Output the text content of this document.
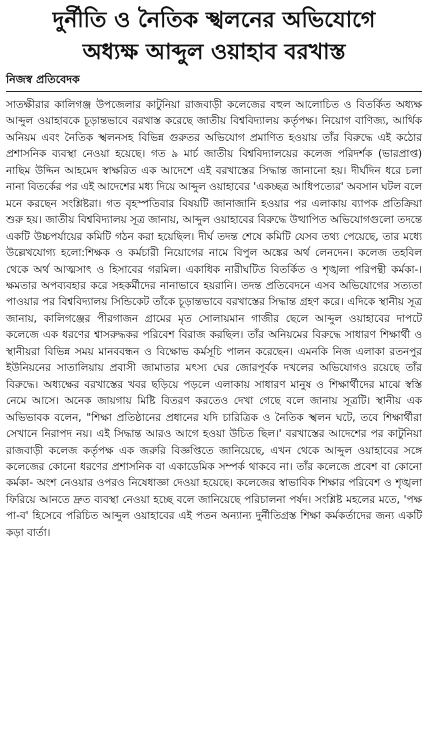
দুর্নীতি ও নৈতিক স্খলনের অভিযোগে
অধ্যক্ষ আব্দুল ওয়াহাব বরখাস্ত

নিজস্ব প্রতিবেদক

সাতক্ষীরার কালিগঞ্জ উপজেলার কাটুনিয়া রাজবাড়ী কলেজের বহুল আলোচিত ও বিতর্কিত অধ্যক্ষ আব্দুল ওয়াহাবকে চূড়ান্তভাবে বরখাস্ত করেছে জাতীয় বিশ্ববিদ্যালয় কর্তৃপক্ষ। নিয়োগ বাণিজ্য, আর্থিক অনিয়ম এবং নৈতিক স্খলনসহ বিভিন্ন গুরুতর অভিযোগ প্রমাণিত হওয়ায় তাঁর বিরুদ্ধে এই কঠোর প্রশাসনিক ব্যবস্থা নেওয়া হয়েছে। গত ৯ মার্চ জাতীয় বিশ্ববিদ্যালয়ের কলেজ পরিদর্শক (ভারপ্রাপ্ত) নাছিম উদ্দিন আহমেদ স্বাক্ষরিত এক আদেশে এই বরখাস্তের সিদ্ধান্ত জানানো হয়। দীর্ঘদিন ধরে চলা নানা বিতর্কের পর এই আদেশের মধ্য দিয়ে আব্দুল ওয়াহাবের 'একচ্ছত্র আধিপত্যের' অবসান ঘটল বলে মনে করছেন সংশ্লিষ্টরা। গত বৃহস্পতিবার বিষয়টি জানাজানি হওয়ার পর এলাকায় ব্যাপক প্রতিক্রিয়া শুরু হয়। জাতীয় বিশ্ববিদ্যালয় সূত্র জানায়, আব্দুল ওয়াহাবের বিরুদ্ধে উত্থাপিত অভিযোগগুলো তদন্তে একটি উচ্চপর্যায়ের কমিটি গঠন করা হয়েছিল। দীর্ঘ তদন্ত শেষে কমিটি যেসব তথ্য পেয়েছে, তার মধ্যে উল্লেখযোগ্য হলো:শিক্ষক ও কর্মচারী নিয়োগের নামে বিপুল অঙ্কের অর্থ লেনদেন। কলেজ তহবিল থেকে অর্থ আত্মসাৎ ও হিসাবের গরমিল। একাধিক নারীঘটিত বিতর্কিত ও শৃঙ্খলা পরিপন্থী কর্মকা-। ক্ষমতার অপব্যবহার করে সহকর্মীদের নানাভাবে হয়রানি। তদন্ত প্রতিবেদনে এসব অভিযোগের সত্যতা পাওয়ার পর বিশ্ববিদ্যালয় সিন্ডিকেট তাঁকে চূড়ান্তভাবে বরখাস্তের সিদ্ধান্ত গ্রহণ করে। এদিকে স্থানীয় সূত্র জানায়, কালিগঞ্জের পীরগাজন গ্রামের মৃত সোলায়মান গাজীর ছেলে আব্দুল ওয়াহাবের দাপটে কলেজে এক ধরণের শ্বাসরুদ্ধকর পরিবেশ বিরাজ করছিল। তাঁর অনিয়মের বিরুদ্ধে সাধারণ শিক্ষার্থী ও স্থানীয়রা বিভিন্ন সময় মানববন্ধন ও বিক্ষোভ কর্মসূচি পালন করেছেন। এমনকি নিজ এলাকা রতনপুর ইউনিয়নের সাতালিয়ায় প্রবাসী জামাতার মৎস্য ঘের জোরপূর্বক দখলের অভিযোগও রয়েছে তাঁর বিরুদ্ধে। অধ্যক্ষের বরখাস্তের খবর ছড়িয়ে পড়লে এলাকায় সাধারণ মানুষ ও শিক্ষার্থীদের মাঝে স্বস্তি নেমে আসে। অনেক জায়গায় মিষ্টি বিতরণ করতেও দেখা গেছে বলে জানায় সূত্রটি। স্থানীয় এক অভিভাবক বলেন, "শিক্ষা প্রতিষ্ঠানের প্রধানের যদি চারিত্রিক ও নৈতিক স্খলন ঘটে, তবে শিক্ষার্থীরা সেখানে নিরাপদ নয়। এই সিদ্ধান্ত আরও আগে হওয়া উচিত ছিল।' বরখাস্তের আদেশের পর কাটুনিয়া রাজবাড়ী কলেজ কর্তৃপক্ষ এক জরুরি বিজ্ঞপ্তিতে জানিয়েছে, এখন থেকে আব্দুল ওয়াহাবের সঙ্গে কলেজের কোনো ধরণের প্রশাসনিক বা একাডেমিক সম্পর্ক থাকবে না। তাঁর কলেজে প্রবেশ বা কোনো কর্মকা- অংশ নেওয়ার ওপরও নিষেধাজ্ঞা দেওয়া হয়েছে। কলেজের স্বাভাবিক শিক্ষার পরিবেশ ও শৃঙ্খলা ফিরিয়ে আনতে দ্রুত ব্যবস্থা নেওয়া হচ্ছে বলে জানিয়েছে পরিচালনা পর্ষদ। সংশ্লিষ্ট মহলের মতে, 'পক্ষ পা-ব' হিসেবে পরিচিত আব্দুল ওয়াহাবের এই পতন অন্যান্য দুর্নীতিগ্রস্ত শিক্ষা কর্মকর্তাদের জন্য একটি কড়া বার্তা।
